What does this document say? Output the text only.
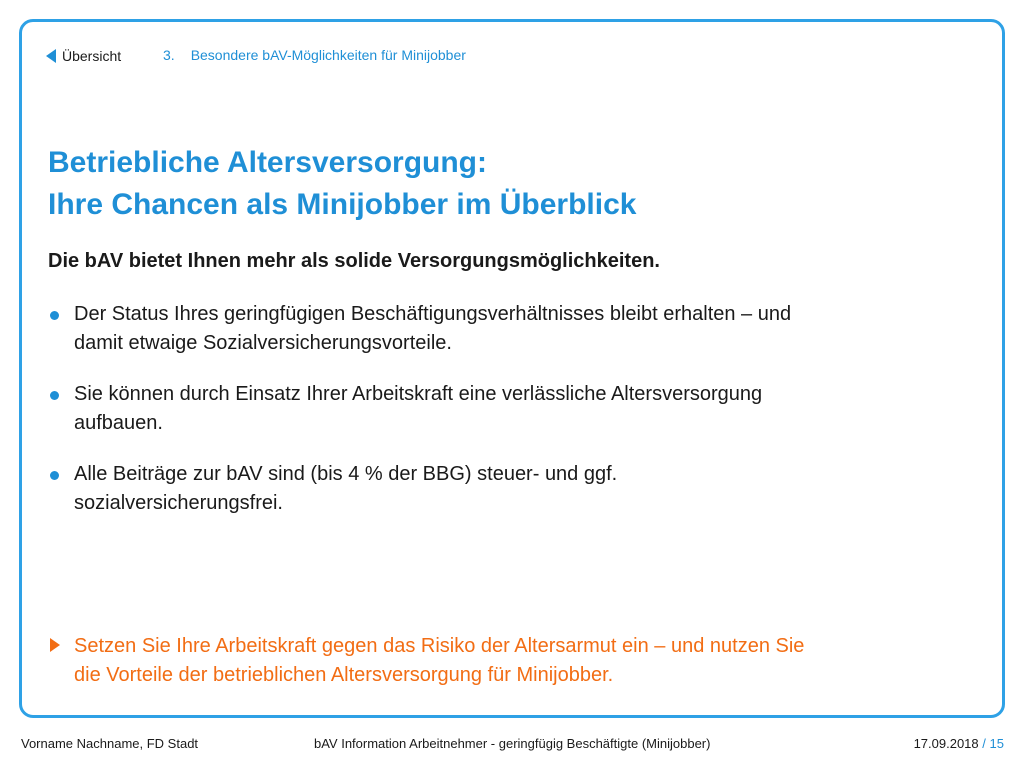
Übersicht	3. Besondere bAV-Möglichkeiten für Minijobber
Betriebliche Altersversorgung:
Ihre Chancen als Minijobber im Überblick

Die bAV bietet Ihnen mehr als solide Versorgungsmöglichkeiten.

Der Status Ihres geringfügigen Beschäftigungsverhältnisses bleibt erhalten – und
damit etwaige Sozialversicherungsvorteile.
Sie können durch Einsatz Ihrer Arbeitskraft eine verlässliche Altersversorgung
aufbauen.
Alle Beiträge zur bAV sind (bis 4 % der BBG) steuer- und ggf.
sozialversicherungsfrei.
Setzen Sie Ihre Arbeitskraft gegen das Risiko der Altersarmut ein – und nutzen Sie
die Vorteile der betrieblichen Altersversorgung für Minijobber.
Vorname Nachname, FD Stadt	bAV Information Arbeitnehmer - geringfügig Beschäftigte (Minijobber)	17.09.2018 / 15
